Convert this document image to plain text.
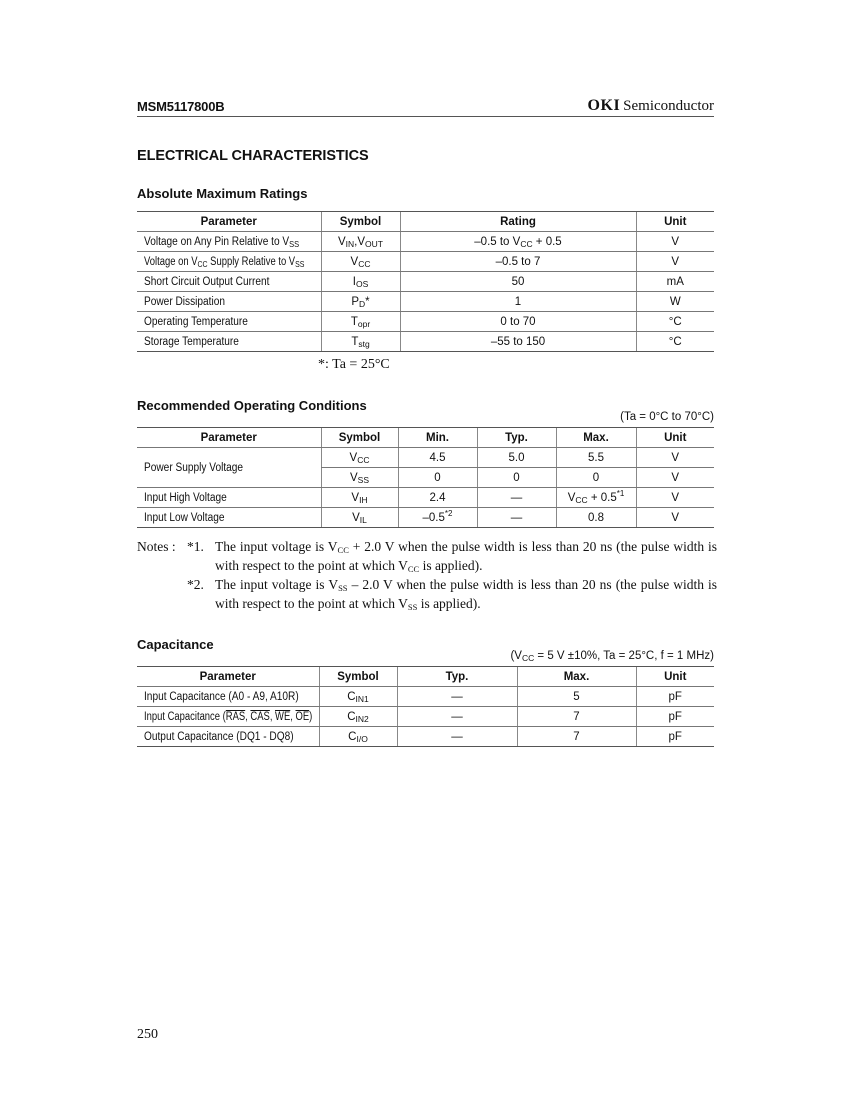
MSM5117800B	OKI Semiconductor
ELECTRICAL CHARACTERISTICS
Absolute Maximum Ratings
Parameter	Symbol	Rating	Unit
Voltage on Any Pin Relative to $V_{SS}$	$V_{IN},V_{OUT}$	–0.5 to $V_{CC} + 0.5$	V
Voltage on $V_{CC}$ Supply Relative to $V_{SS}$	$V_{CC}$	–0.5 to 7	V
Short Circuit Output Current	$I_{OS}$	50	mA
Power Dissipation	$P_D*$	1	W
Operating Temperature	$T_{opr}$	0 to 70	°C
Storage Temperature	$T_{stg}$	–55 to 150	°C
*: Ta = 25°C
Recommended Operating Conditions
(Ta = 0°C to 70°C)
Parameter	Symbol	Min.	Typ.	Max.	Unit
Power Supply Voltage	$V_{CC}$	4.5	5.0	5.5	V
	$V_{SS}$	0	0	0	V
Input High Voltage	$V_{IH}$	2.4	—	$V_{CC} + 0.5^{*1}$	V
Input Low Voltage	$V_{IL}$	–0.5$^{*2}$	—	0.8	V
Notes : *1. The input voltage is $V_{CC} + 2.0$ V when the pulse width is less than 20 ns (the pulse width is with respect to the point at which $V_{CC}$ is applied).
*2. The input voltage is $V_{SS} - 2.0$ V when the pulse width is less than 20 ns (the pulse width is with respect to the point at which $V_{SS}$ is applied).
Capacitance
($V_{CC} = 5$ V ±10%, Ta = 25°C, f = 1 MHz)
Parameter	Symbol	Typ.	Max.	Unit
Input Capacitance (A0 - A9, A10R)	$C_{IN1}$	—	5	pF
Input Capacitance ($\overline{RAS}$, $\overline{CAS}$, $\overline{WE}$, $\overline{OE}$)	$C_{IN2}$	—	7	pF
Output Capacitance (DQ1 - DQ8)	$C_{I/O}$	—	7	pF
250
